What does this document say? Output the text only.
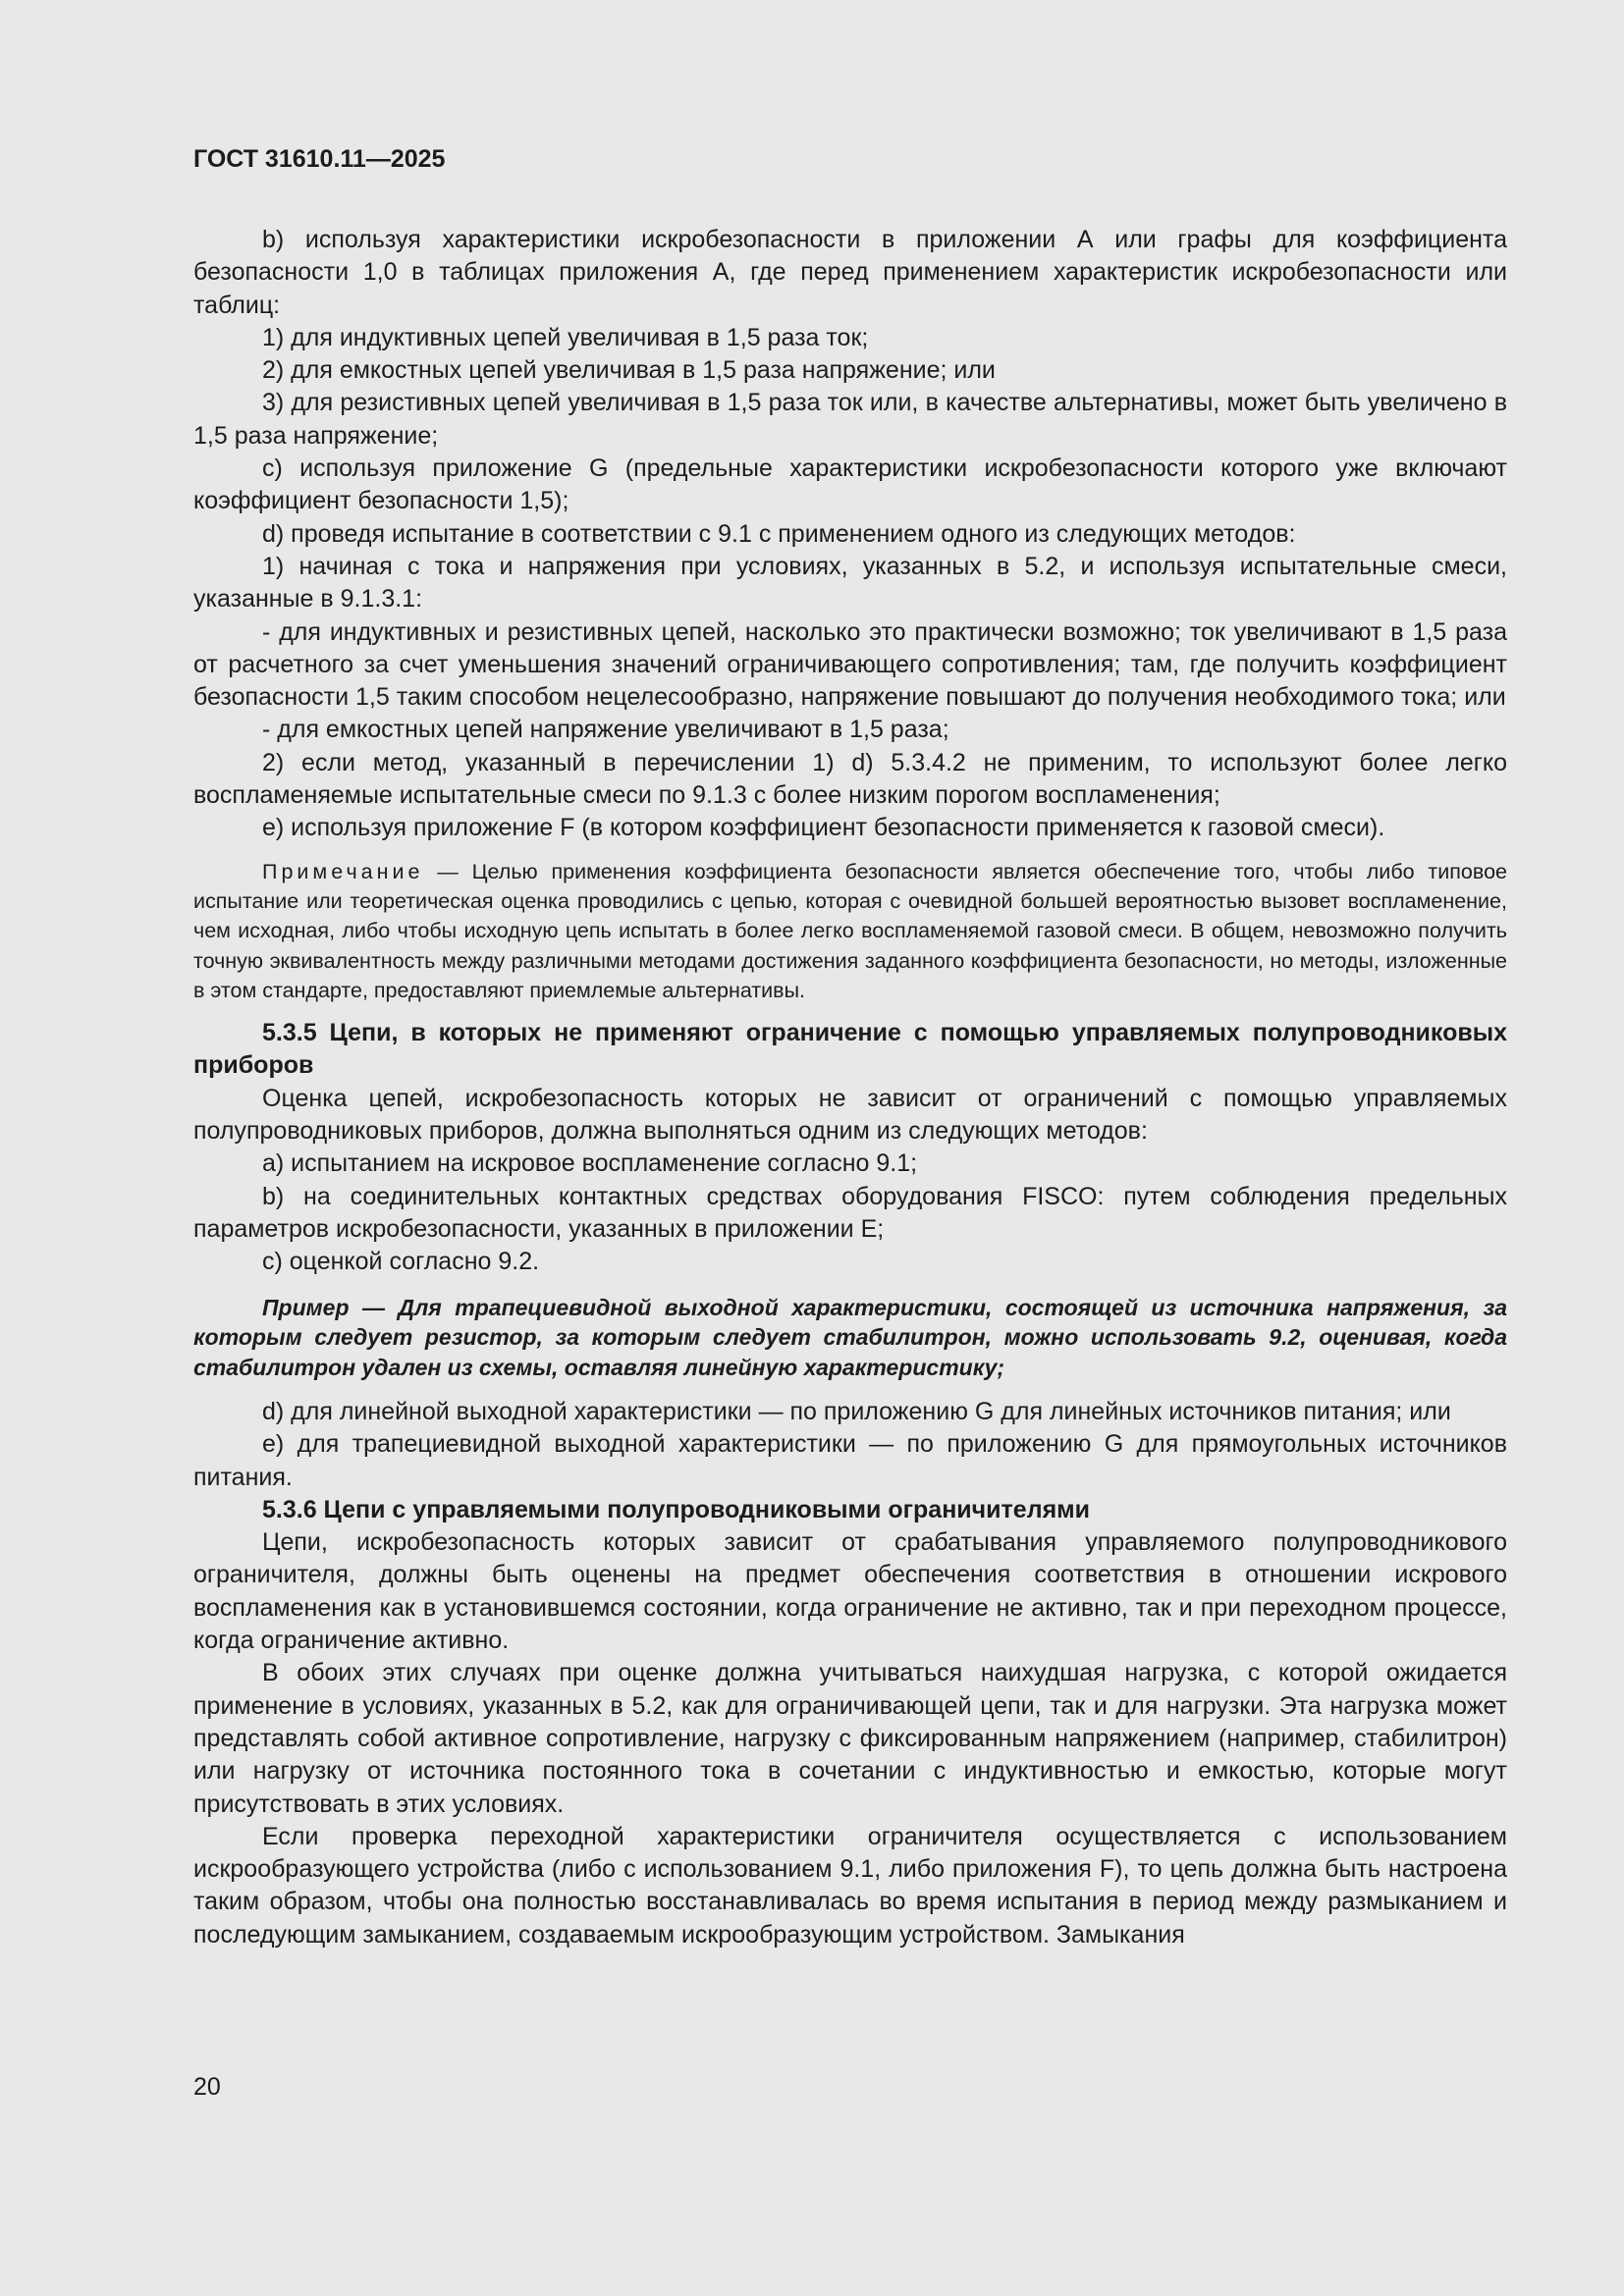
ГОСТ 31610.11—2025

b) используя характеристики искробезопасности в приложении А или графы для коэффициента безопасности 1,0 в таблицах приложения А, где перед применением характеристик искробезопасности или таблиц:

1) для индуктивных цепей увеличивая в 1,5 раза ток;

2) для емкостных цепей увеличивая в 1,5 раза напряжение; или

3) для резистивных цепей увеличивая в 1,5 раза ток или, в качестве альтернативы, может быть увеличено в 1,5 раза напряжение;

c) используя приложение G (предельные характеристики искробезопасности которого уже включают коэффициент безопасности 1,5);

d) проведя испытание в соответствии с 9.1 с применением одного из следующих методов:

1) начиная с тока и напряжения при условиях, указанных в 5.2, и используя испытательные смеси, указанные в 9.1.3.1:

- для индуктивных и резистивных цепей, насколько это практически возможно; ток увеличивают в 1,5 раза от расчетного за счет уменьшения значений ограничивающего сопротивления; там, где получить коэффициент безопасности 1,5 таким способом нецелесообразно, напряжение повышают до получения необходимого тока; или

- для емкостных цепей напряжение увеличивают в 1,5 раза;

2) если метод, указанный в перечислении 1) d) 5.3.4.2 не применим, то используют более легко воспламеняемые испытательные смеси по 9.1.3 с более низким порогом воспламенения;

e) используя приложение F (в котором коэффициент безопасности применяется к газовой смеси).

Примечание — Целью применения коэффициента безопасности является обеспечение того, чтобы либо типовое испытание или теоретическая оценка проводились с цепью, которая с очевидной большей вероятностью вызовет воспламенение, чем исходная, либо чтобы исходную цепь испытать в более легко воспламеняемой газовой смеси. В общем, невозможно получить точную эквивалентность между различными методами достижения заданного коэффициента безопасности, но методы, изложенные в этом стандарте, предоставляют приемлемые альтернативы.

5.3.5 Цепи, в которых не применяют ограничение с помощью управляемых полупроводниковых приборов

Оценка цепей, искробезопасность которых не зависит от ограничений с помощью управляемых полупроводниковых приборов, должна выполняться одним из следующих методов:

a) испытанием на искровое воспламенение согласно 9.1;

b) на соединительных контактных средствах оборудования FISCO: путем соблюдения предельных параметров искробезопасности, указанных в приложении Е;

c) оценкой согласно 9.2.

Пример — Для трапециевидной выходной характеристики, состоящей из источника напряжения, за которым следует резистор, за которым следует стабилитрон, можно использовать 9.2, оценивая, когда стабилитрон удален из схемы, оставляя линейную характеристику;

d) для линейной выходной характеристики — по приложению G для линейных источников питания; или

e) для трапециевидной выходной характеристики — по приложению G для прямоугольных источников питания.

5.3.6 Цепи с управляемыми полупроводниковыми ограничителями

Цепи, искробезопасность которых зависит от срабатывания управляемого полупроводникового ограничителя, должны быть оценены на предмет обеспечения соответствия в отношении искрового воспламенения как в установившемся состоянии, когда ограничение не активно, так и при переходном процессе, когда ограничение активно.

В обоих этих случаях при оценке должна учитываться наихудшая нагрузка, с которой ожидается применение в условиях, указанных в 5.2, как для ограничивающей цепи, так и для нагрузки. Эта нагрузка может представлять собой активное сопротивление, нагрузку с фиксированным напряжением (например, стабилитрон) или нагрузку от источника постоянного тока в сочетании с индуктивностью и емкостью, которые могут присутствовать в этих условиях.

Если проверка переходной характеристики ограничителя осуществляется с использованием искрообразующего устройства (либо с использованием 9.1, либо приложения F), то цепь должна быть настроена таким образом, чтобы она полностью восстанавливалась во время испытания в период между размыканием и последующим замыканием, создаваемым искрообразующим устройством. Замыкания

20
